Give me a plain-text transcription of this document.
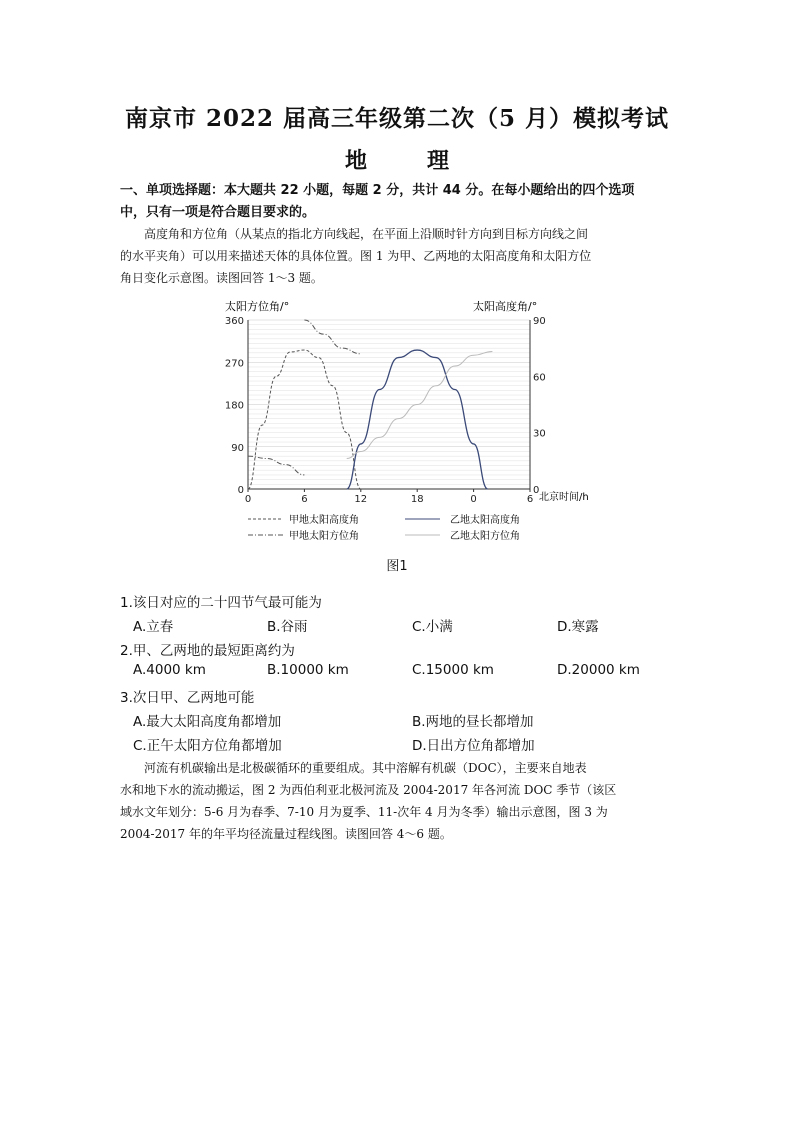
南京市 2022 届高三年级第二次（5 月）模拟考试
地	理
一、单项选择题：本大题共 22 小题，每题 2 分，共计 44 分。在每小题给出的四个选项
中，只有一项是符合题目要求的。
高度角和方位角（从某点的指北方向线起，在平面上沿顺时针方向到目标方向线之间
的水平夹角）可以用来描述天体的具体位置。图 1 为甲、乙两地的太阳高度角和太阳方位
角日变化示意图。读图回答 1～3 题。
太阳方位角/°	太阳高度角/°
北京时间/h
0
90
180
270
360
0
30
60
90
0	6	12	18	0	6
甲地太阳高度角	乙地太阳高度角
甲地太阳方位角	乙地太阳方位角
图1
1.该日对应的二十四节气最可能为
A.立春	B.谷雨	C.小满	D.寒露
2.甲、乙两地的最短距离约为
A.4000 km	B.10000 km	C.15000 km	D.20000 km
3.次日甲、乙两地可能
A.最大太阳高度角都增加	B.两地的昼长都增加
C.正午太阳方位角都增加	D.日出方位角都增加
河流有机碳输出是北极碳循环的重要组成。其中溶解有机碳（DOC），主要来自地表
水和地下水的流动搬运，图 2 为西伯利亚北极河流及 2004-2017 年各河流 DOC 季节（该区
域水文年划分：5-6 月为春季、7-10 月为夏季、11-次年 4 月为冬季）输出示意图，图 3 为
2004-2017 年的年平均径流量过程线图。读图回答 4～6 题。
